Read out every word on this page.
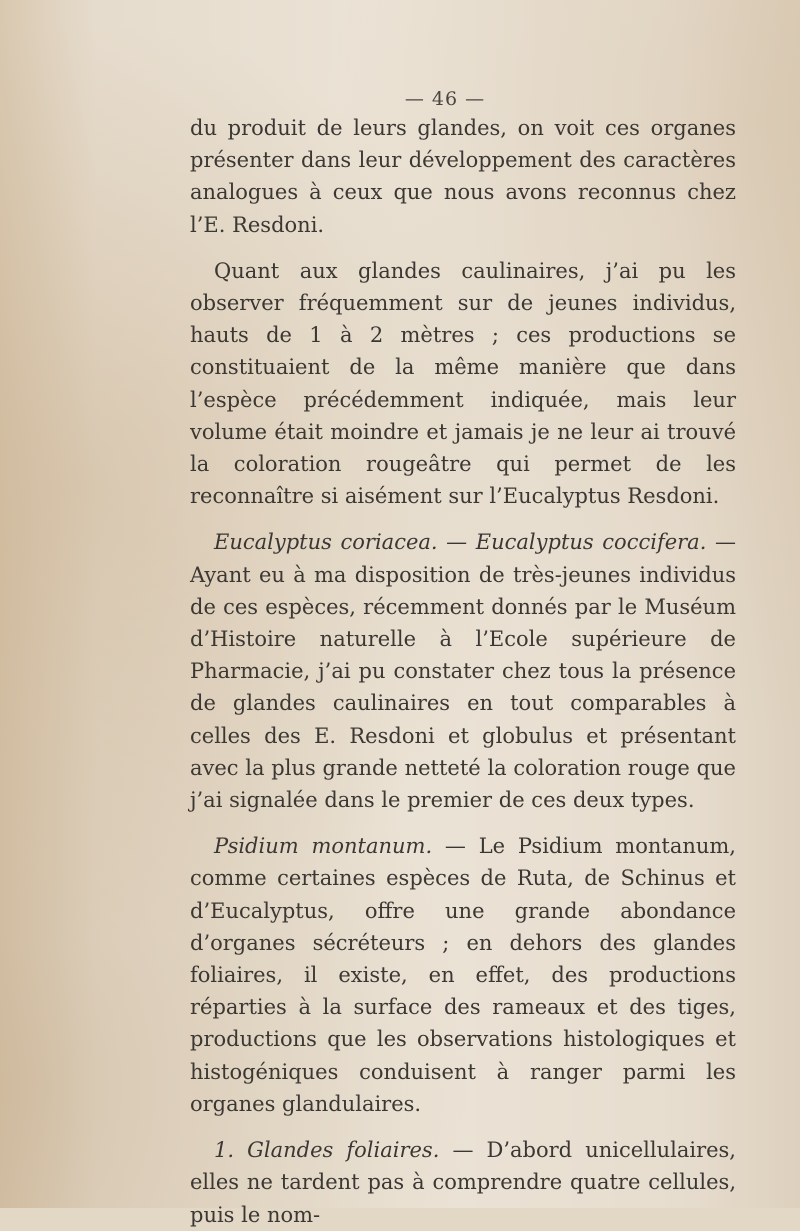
— 46 —

du produit de leurs glandes, on voit ces organes présenter dans leur développement des caractères analogues à ceux que nous avons reconnus chez l’E. Resdoni.

Quant aux glandes caulinaires, j’ai pu les observer fréquemment sur de jeunes individus, hauts de 1 à 2 mètres ; ces productions se constituaient de la même manière que dans l’espèce précédemment indiquée, mais leur volume était moindre et jamais je ne leur ai trouvé la coloration rougeâtre qui permet de les reconnaître si aisément sur l’Eucalyptus Resdoni.

Eucalyptus coriacea. — Eucalyptus coccifera. — Ayant eu à ma disposition de très-jeunes individus de ces espèces, récemment donnés par le Muséum d’Histoire naturelle à l’Ecole supérieure de Pharmacie, j’ai pu constater chez tous la présence de glandes caulinaires en tout comparables à celles des E. Resdoni et globulus et présentant avec la plus grande netteté la coloration rouge que j’ai signalée dans le premier de ces deux types.

Psidium montanum. — Le Psidium montanum, comme certaines espèces de Ruta, de Schinus et d’Eucalyptus, offre une grande abondance d’organes sécréteurs ; en dehors des glandes foliaires, il existe, en effet, des productions réparties à la surface des rameaux et des tiges, productions que les observations histologiques et histogéniques conduisent à ranger parmi les organes glandulaires.

1. Glandes foliaires. — D’abord unicellulaires, elles ne tardent pas à comprendre quatre cellules, puis le nom-
